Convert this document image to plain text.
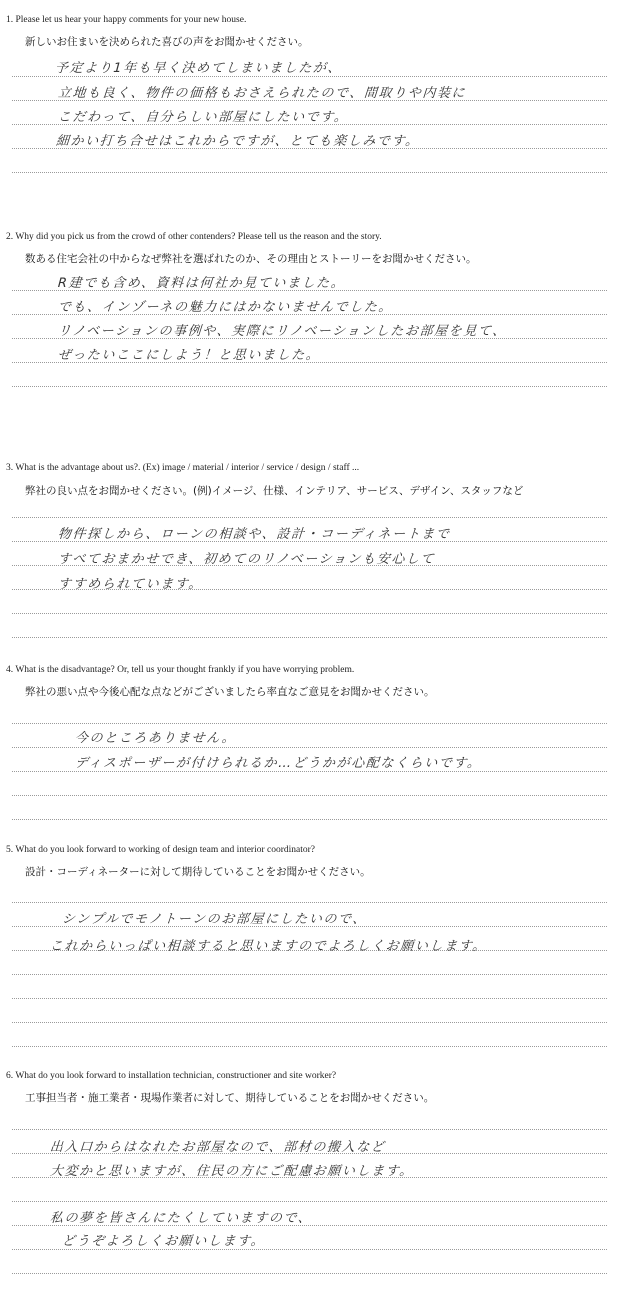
1. Please let us hear your happy comments for your new house.
新しいお住まいを決められた喜びの声をお聞かせください。
予定より1年も早く決めてしまいましたが、
立地も良く、物件の価格もおさえられたので、間取りや内装に
こだわって、自分らしい部屋にしたいです。
細かい打ち合せはこれからですが、とても楽しみです。
2. Why did you pick us from the crowd of other contenders? Please tell us the reason and the story.
数ある住宅会社の中からなぜ弊社を選ばれたのか、その理由とストーリーをお聞かせください。
R建でも含め、資料は何社か見ていました。
でも、インゾーネの魅力にはかないませんでした。
リノベーションの事例や、実際にリノベーションしたお部屋を見て、
ぜったいここにしよう！と思いました。
3. What is the advantage about us?. (Ex) image / material / interior / service / design / staff ...
弊社の良い点をお聞かせください。(例)イメージ、仕様、インテリア、サービス、デザイン、スタッフなど
物件探しから、ローンの相談や、設計・コーディネートまで
すべておまかせでき、初めてのリノベーションも安心して
すすめられています。
4. What is the disadvantage? Or, tell us your thought frankly if you have worrying problem.
弊社の悪い点や今後心配な点などがございましたら率直なご意見をお聞かせください。
今のところありません。
ディスポーザーが付けられるか…どうかが心配なくらいです。
5. What do you look forward to working of design team and interior coordinator?
設計・コーディネーターに対して期待していることをお聞かせください。
シンプルでモノトーンのお部屋にしたいので、
これからいっぱい相談すると思いますのでよろしくお願いします。
6. What do you look forward to installation technician, constructioner and site worker?
工事担当者・施工業者・現場作業者に対して、期待していることをお聞かせください。
出入口からはなれたお部屋なので、部材の搬入など
大変かと思いますが、住民の方にご配慮お願いします。
私の夢を皆さんにたくしていますので、
どうぞよろしくお願いします。
